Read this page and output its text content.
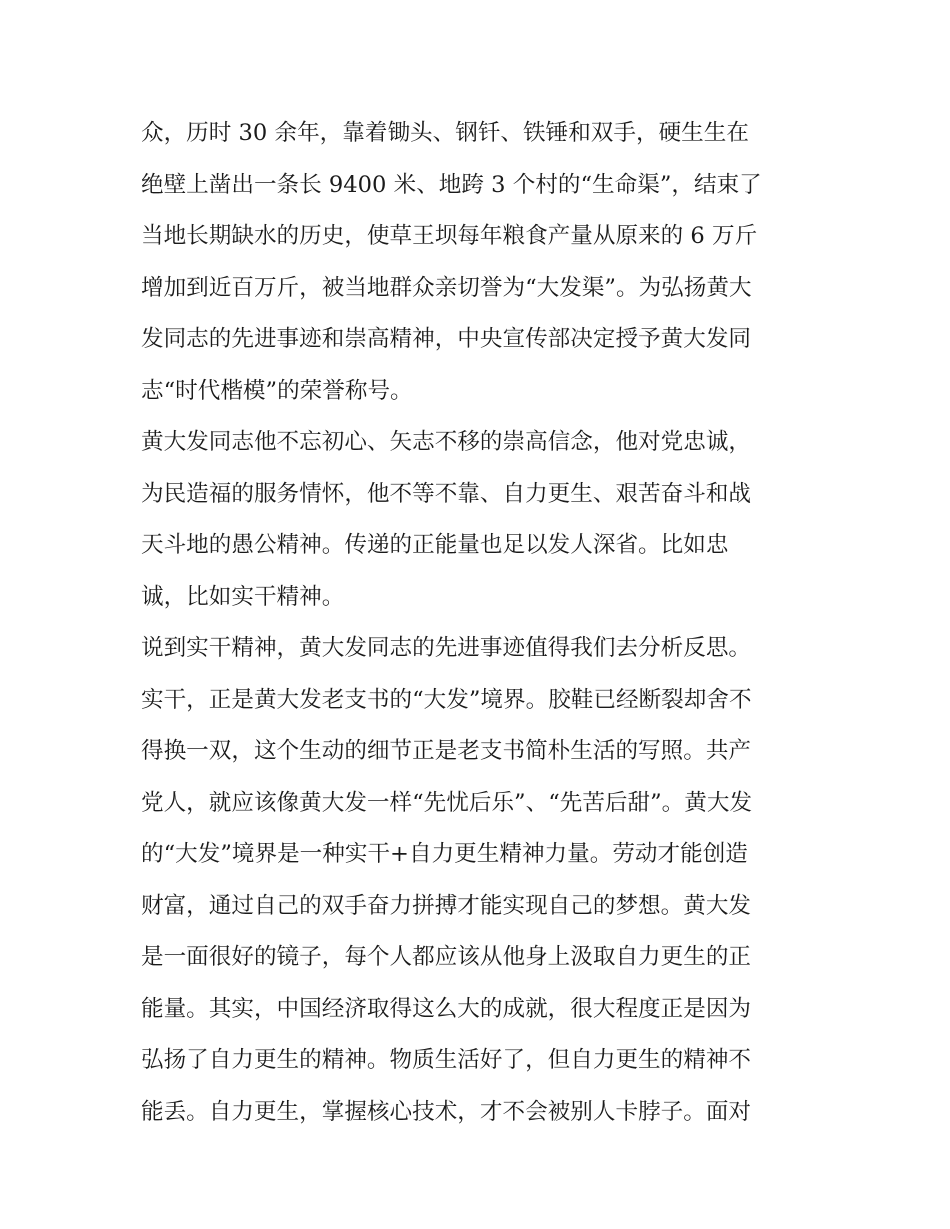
众，历时 30 余年，靠着锄头、钢钎、铁锤和双手，硬生生在
绝壁上凿出一条长 9400 米、地跨 3 个村的“生命渠”，结束了
当地长期缺水的历史，使草王坝每年粮食产量从原来的 6 万斤
增加到近百万斤，被当地群众亲切誉为“大发渠”。为弘扬黄大
发同志的先进事迹和崇高精神，中央宣传部决定授予黄大发同
志“时代楷模”的荣誉称号。
黄大发同志他不忘初心、矢志不移的崇高信念，他对党忠诚，
为民造福的服务情怀，他不等不靠、自力更生、艰苦奋斗和战
天斗地的愚公精神。传递的正能量也足以发人深省。比如忠
诚，比如实干精神。
说到实干精神，黄大发同志的先进事迹值得我们去分析反思。
实干，正是黄大发老支书的“大发”境界。胶鞋已经断裂却舍不
得换一双，这个生动的细节正是老支书简朴生活的写照。共产
党人，就应该像黄大发一样“先忧后乐”、“先苦后甜”。黄大发
的“大发”境界是一种实干+自力更生精神力量。劳动才能创造
财富，通过自己的双手奋力拼搏才能实现自己的梦想。黄大发
是一面很好的镜子，每个人都应该从他身上汲取自力更生的正
能量。其实，中国经济取得这么大的成就，很大程度正是因为
弘扬了自力更生的精神。物质生活好了，但自力更生的精神不
能丢。自力更生，掌握核心技术，才不会被别人卡脖子。面对
